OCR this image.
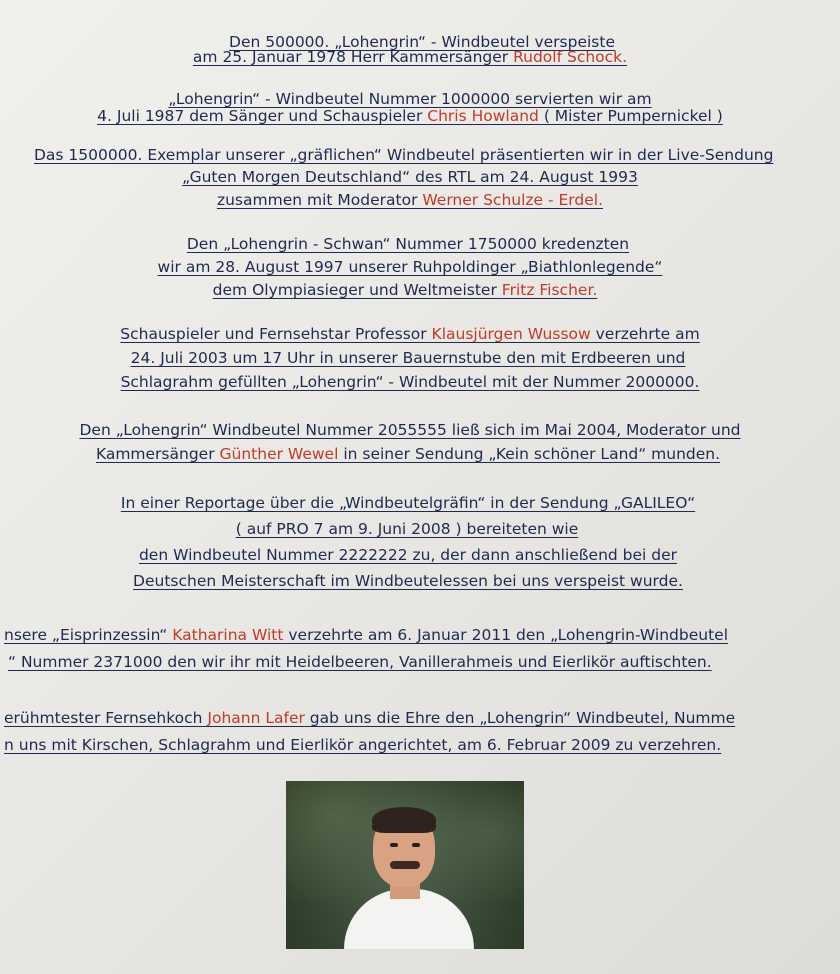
Den 500000. „Lohengrin“ - Windbeutel verspeiste
am 25. Januar 1978 Herr Kammersänger Rudolf Schock.
„Lohengrin“ - Windbeutel Nummer 1000000 servierten wir am
4. Juli 1987 dem Sänger und Schauspieler Chris Howland ( Mister Pumpernickel )
Das 1500000. Exemplar unserer „gräflichen“ Windbeutel präsentierten wir in der Live-Sendung
„Guten Morgen Deutschland“ des RTL am 24. August 1993
zusammen mit Moderator Werner Schulze - Erdel.
Den „Lohengrin - Schwan“ Nummer 1750000 kredenzten
wir am 28. August 1997 unserer Ruhpoldinger „Biathlonlegende“
dem Olympiasieger und Weltmeister Fritz Fischer.
Schauspieler und Fernsehstar Professor Klausjürgen Wussow verzehrte am
24. Juli 2003 um 17 Uhr in unserer Bauernstube den mit Erdbeeren und
Schlagrahm gefüllten „Lohengrin“ - Windbeutel mit der Nummer 2000000.
Den „Lohengrin“ Windbeutel Nummer 2055555 ließ sich im Mai 2004, Moderator und
Kammersänger Günther Wewel in seiner Sendung „Kein schöner Land“ munden.
In einer Reportage über die „Windbeutelgräfin“ in der Sendung „GALILEO“
( auf PRO 7 am 9. Juni 2008 ) bereiteten wie
den Windbeutel Nummer 2222222 zu, der dann anschließend bei der
Deutschen Meisterschaft im Windbeutelessen bei uns verspeist wurde.
nsere „Eisprinzessin“ Katharina Witt verzehrte am 6. Januar 2011 den „Lohengrin-Windbeutel
“ Nummer 2371000 den wir ihr mit Heidelbeeren, Vanillerahmeis und Eierlikör auftischten.
erühmtester Fernsehkoch Johann Lafer gab uns die Ehre den „Lohengrin“ Windbeutel, Numme
n uns mit Kirschen, Schlagrahm und Eierlikör angerichtet, am 6. Februar 2009 zu verzehren.
